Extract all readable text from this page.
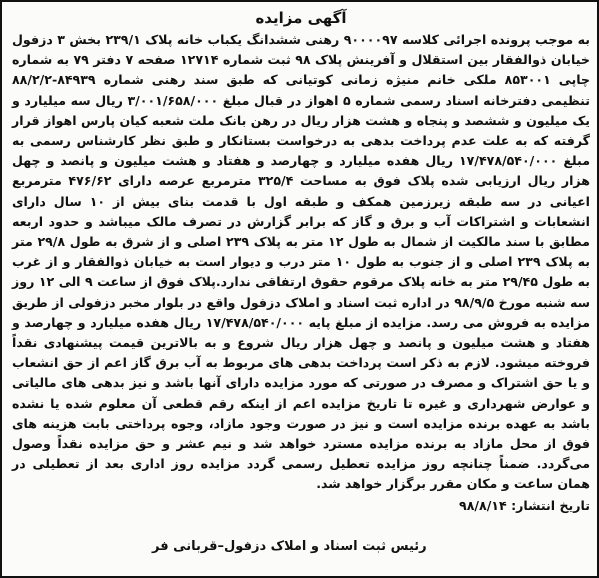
آگهی مزایده
به موجب پرونده اجرائی کلاسه ۹۰۰۰۰۹۷ رهنی ششدانگ یکباب خانه پلاک ۲۳۹/۱ بخش ۳ دزفول خیابان ذوالفقار بین استقلال و آفرینش پلاک ۹۸ ثبت شماره ۱۲۷۱۴ صفحه ۷ دفتر ۷۹ به شماره چاپی ۸۵۳۰۰۱ ملکی خانم منیژه زمانی کوتیانی که طبق سند رهنی شماره ۸۴۹۳۹-۸۸/۲/۲ تنظیمی دفترخانه اسناد رسمی شماره ۵ اهواز در قبال مبلغ ۳/۰۰۱/۶۵۸/۰۰۰ ریال سه میلیارد و یک میلیون و ششصد و پنجاه و هشت هزار ریال در رهن بانک ملت شعبه کیان پارس اهواز قرار گرفته که به علت عدم پرداخت بدهی به درخواست بستانکار و طبق نظر کارشناس رسمی به مبلغ ۱۷/۴۷۸/۵۴۰/۰۰۰ ریال هفده میلیارد و چهارصد و هفتاد و هشت میلیون و پانصد و چهل هزار ریال ارزیابی شده پلاک فوق به مساحت ۳۲۵/۴ مترمربع عرصه دارای ۴۷۶/۶۲ مترمربع اعیانی در سه طبقه زیرزمین همکف و طبقه اول با قدمت بنای بیش از ۱۰ سال دارای انشعابات و اشتراکات آب و برق و گاز که برابر گزارش در تصرف مالک میباشد و حدود اربعه مطابق با سند مالکیت از شمال به طول ۱۲ متر به پلاک ۲۳۹ اصلی و از شرق به طول ۲۹/۸ متر به پلاک ۲۳۹ اصلی و از جنوب به طول ۱۰ متر درب و دیوار است به خیابان ذوالفقار و از غرب به طول ۲۹/۴۵ متر به خانه پلاک مرقوم حقوق ارتفاقی ندارد.پلاک فوق از ساعت ۹ الی ۱۲ روز سه شنبه مورخ ۹۸/۹/۵ در اداره ثبت اسناد و املاک دزفول واقع در بلوار مخبر دزفولی از طریق مزایده به فروش می رسد. مزایده از مبلغ پایه ۱۷/۴۷۸/۵۴۰/۰۰۰ ریال هفده میلیارد و چهارصد و هفتاد و هشت میلیون و پانصد و چهل هزار ریال شروع و به بالاترین قیمت پیشنهادی نقداً فروخته میشود. لازم به ذکر است پرداخت بدهی های مربوط به آب برق گاز اعم از حق انشعاب و یا حق اشتراک و مصرف در صورتی که مورد مزایده دارای آنها باشد و نیز بدهی های مالیاتی و عوارض شهرداری و غیره تا تاریخ مزایده اعم از اینکه رقم قطعی آن معلوم شده یا نشده باشد به عهده برنده مزایده است و نیز در صورت وجود مازاد، وجوه پرداختی بابت هزینه های فوق از محل مازاد به برنده مزایده مسترد خواهد شد و نیم عشر و حق مزایده نقداً وصول می‌گردد. ضمناً چنانچه روز مزایده تعطیل رسمی گردد مزایده روز اداری بعد از تعطیلی در همان ساعت و مکان مقرر برگزار خواهد شد.
تاریخ انتشار: ۹۸/۸/۱۴
رئیس ثبت اسناد و املاک دزفول–قربانی فر
